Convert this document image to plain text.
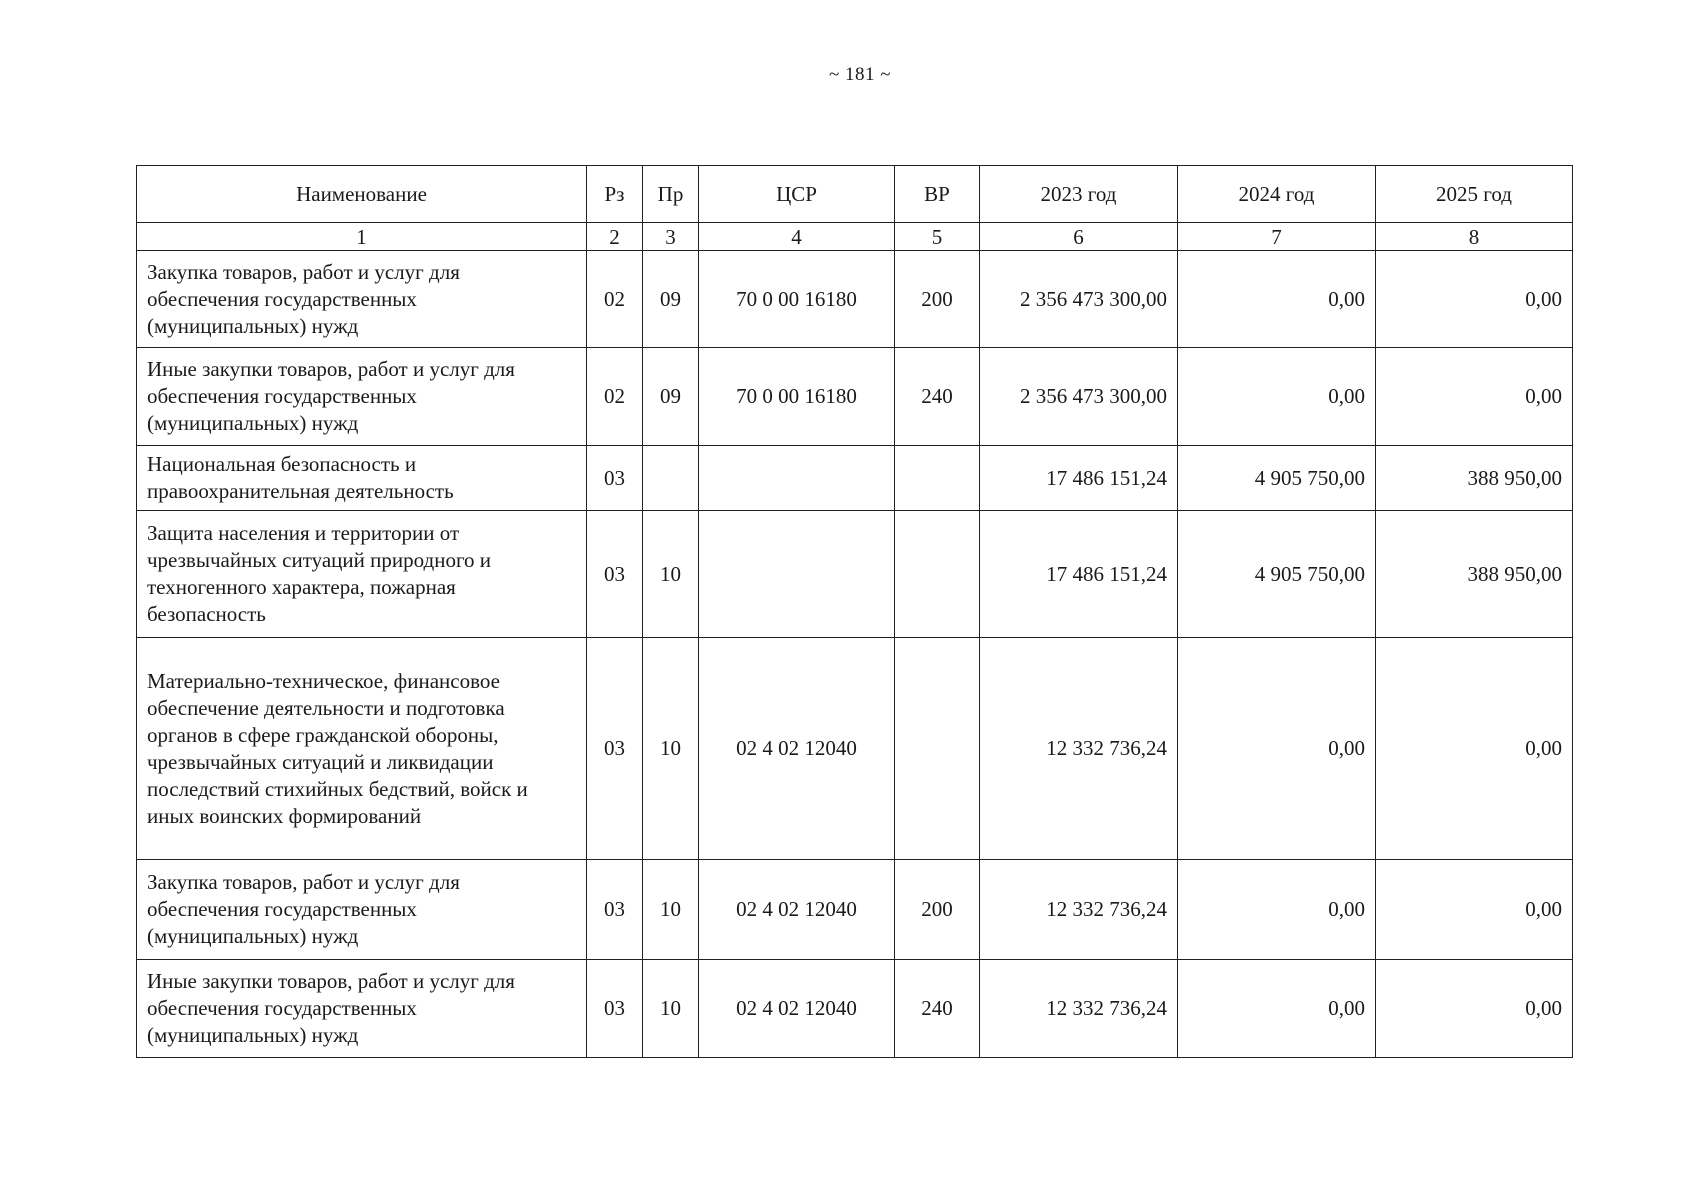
~ 181 ~
Наименование	Рз	Пр	ЦСР	ВР	2023 год	2024 год	2025 год
1	2	3	4	5	6	7	8
Закупка товаров, работ и услуг для обеспечения государственных (муниципальных) нужд	02	09	70 0 00 16180	200	2 356 473 300,00	0,00	0,00
Иные закупки товаров, работ и услуг для обеспечения государственных (муниципальных) нужд	02	09	70 0 00 16180	240	2 356 473 300,00	0,00	0,00
Национальная безопасность и правоохранительная деятельность	03				17 486 151,24	4 905 750,00	388 950,00
Защита населения и территории от чрезвычайных ситуаций природного и техногенного характера, пожарная безопасность	03	10			17 486 151,24	4 905 750,00	388 950,00
Материально-техническое, финансовое обеспечение деятельности и подготовка органов в сфере гражданской обороны, чрезвычайных ситуаций и ликвидации последствий стихийных бедствий, войск и иных воинских формирований	03	10	02 4 02 12040		12 332 736,24	0,00	0,00
Закупка товаров, работ и услуг для обеспечения государственных (муниципальных) нужд	03	10	02 4 02 12040	200	12 332 736,24	0,00	0,00
Иные закупки товаров, работ и услуг для обеспечения государственных (муниципальных) нужд	03	10	02 4 02 12040	240	12 332 736,24	0,00	0,00
